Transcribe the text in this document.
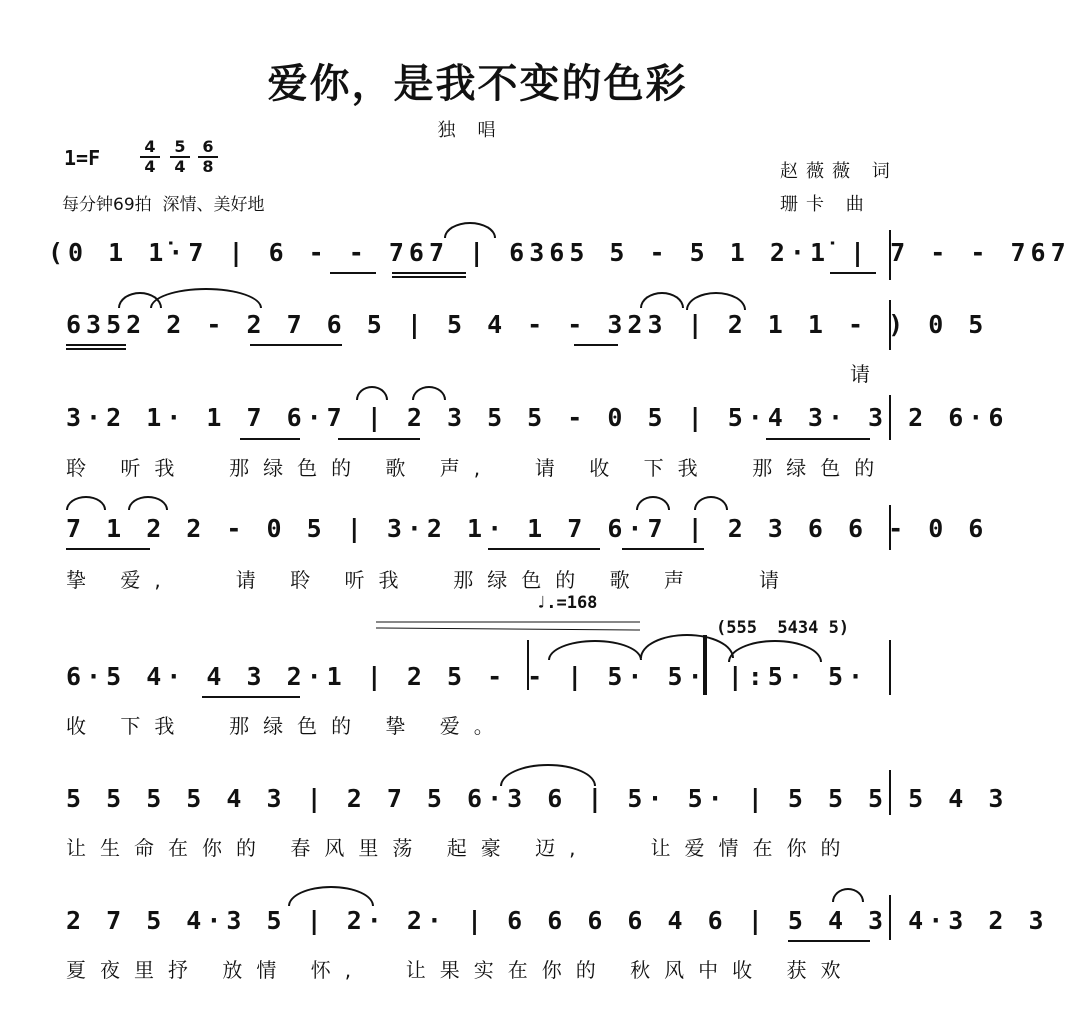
爱你，是我不变的色彩
独唱
$1=F \frac{4}{4} \frac{5}{4} \frac{6}{8}$
每分钟69拍  深情、美好地
赵薇薇 词
珊卡 曲
(0 1 1̇·7 | 6 - - 767 | 6365 5 - 5 1 2·1̇ | 7 - - 767
6352 2 - 2 7 6 5 | 5 4 - - 323 | 2 1 1 - ) 0 5
请
3·2 1· 1 7 6·7 | 2 3 5 5 - 0 5 | 5·4 3· 3 2 6·6
聆 听我  那绿色的 歌 声,  请 收 下我  那绿色的
7 1 2 2 - 0 5 | 3·2 1· 1 7 6·7 | 2 3 6 6 - 0 6
挚 爱,   请 聆 听我  那绿色的 歌 声   请
♩.=168
(555  5434 5)
6·5 4· 4 3 2·1 | 2 5 - - | 5· 5· |:5· 5·
收 下我  那绿色的 挚 爱。
5 5 5 5 4 3 | 2 7 5 6·3 6 | 5· 5· | 5 5 5 5 4 3
让生命在你的 春风里荡 起豪 迈,   让爱情在你的
2 7 5 4·3 5 | 2· 2· | 6 6 6 6 4 6 | 5 4 3 4·3 2 3
夏夜里抒 放情 怀,  让果实在你的 秋风中收 获欢
